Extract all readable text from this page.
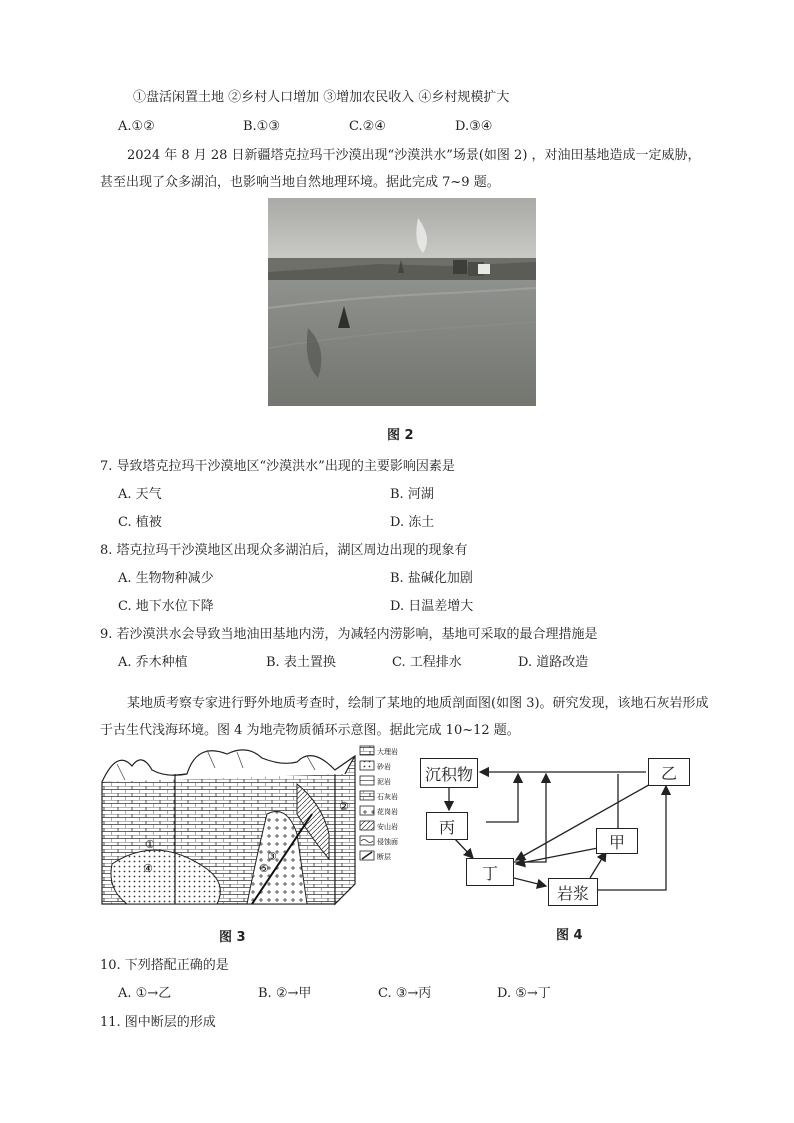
①盘活闲置土地 ②乡村人口增加 ③增加农民收入 ④乡村规模扩大
A.①②	B.①③	C.②④	D.③④
2024 年 8 月 28 日新疆塔克拉玛干沙漠出现“沙漠洪水”场景(如图 2) ，对油田基地造成一定威胁，甚至出现了众多湖泊，也影响当地自然地理环境。据此完成 7~9 题。
图 2
7. 导致塔克拉玛干沙漠地区“沙漠洪水”出现的主要影响因素是
A. 天气	B. 河湖
C. 植被	D. 冻土
8. 塔克拉玛干沙漠地区出现众多湖泊后，湖区周边出现的现象有
A. 生物物种减少	B. 盐碱化加剧
C. 地下水位下降	D. 日温差增大
9. 若沙漠洪水会导致当地油田基地内涝，为减轻内涝影响，基地可采取的最合理措施是
A. 乔木种植	B. 表土置换	C. 工程排水	D. 道路改造
某地质考察专家进行野外地质考查时，绘制了某地的地质剖面图(如图 3)。研究发现，该地石灰岩形成于古生代浅海环境。图 4 为地壳物质循环示意图。据此完成 10~12 题。
①
②
③
④	⑤
大理岩
砂岩
泥岩
石灰岩
花岗岩
安山岩
侵蚀面
断层
图 3
沉积物	乙
丙
甲
丁
岩浆
图 4
10. 下列搭配正确的是
A. ①→乙	B. ②→甲	C. ③→丙	D. ⑤→丁
11. 图中断层的形成
